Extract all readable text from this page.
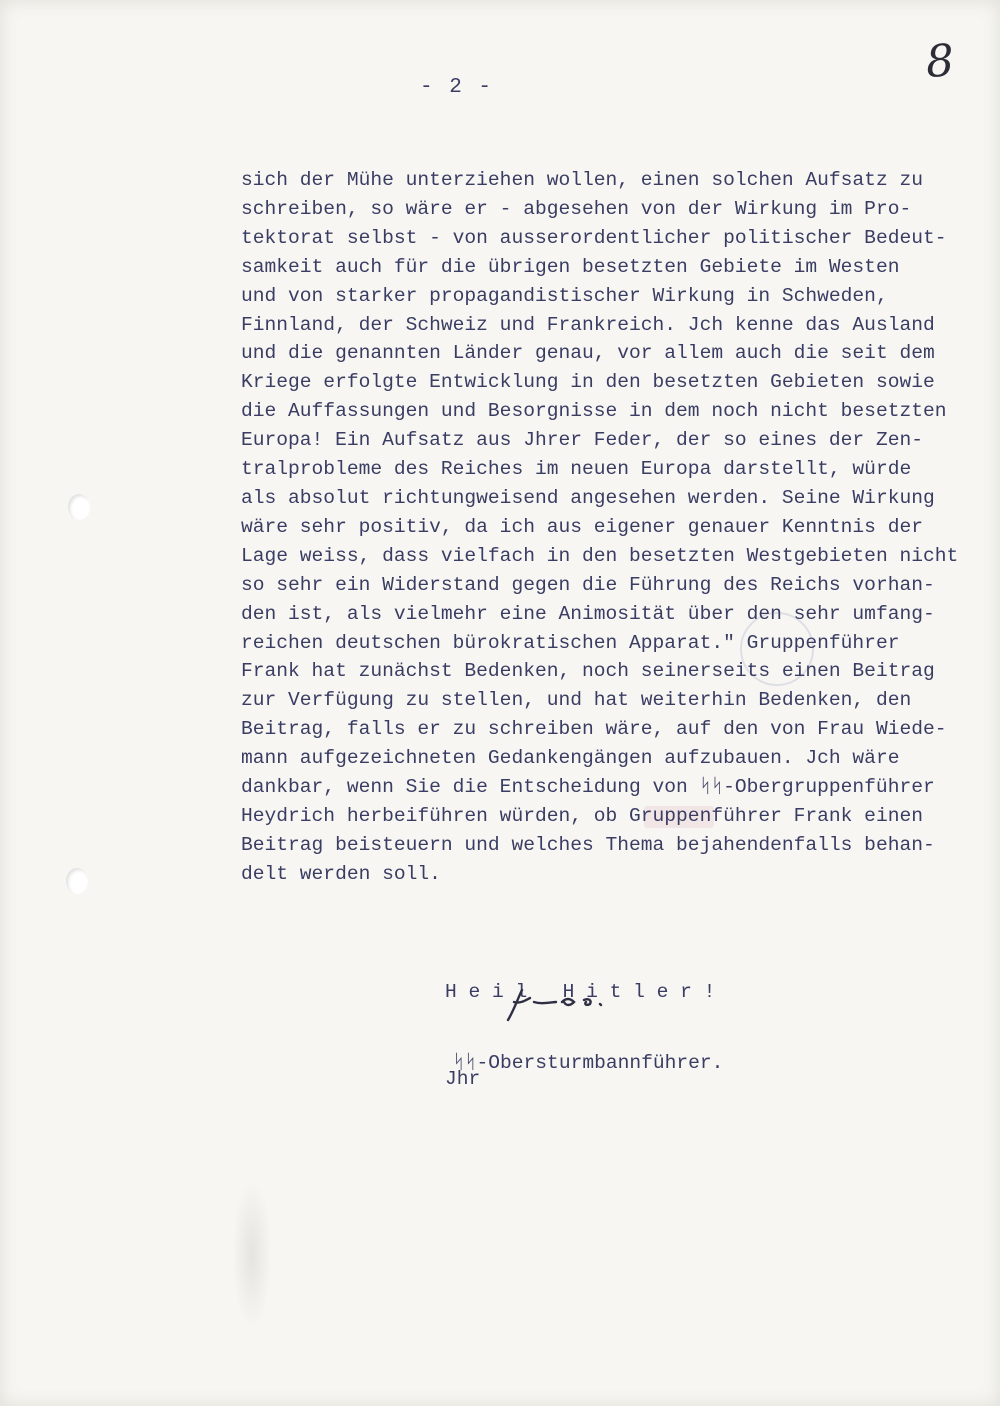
- 2 -	8
sich der Mühe unterziehen wollen, einen solchen Aufsatz zu
schreiben, so wäre er - abgesehen von der Wirkung im Pro-
tektorat selbst - von ausserordentlicher politischer Bedeut-
samkeit auch für die übrigen besetzten Gebiete im Westen
und von starker propagandistischer Wirkung in Schweden,
Finnland, der Schweiz und Frankreich. Jch kenne das Ausland
und die genannten Länder genau, vor allem auch die seit dem
Kriege erfolgte Entwicklung in den besetzten Gebieten sowie
die Auffassungen und Besorgnisse in dem noch nicht besetzten
Europa! Ein Aufsatz aus Jhrer Feder, der so eines der Zen-
tralprobleme des Reiches im neuen Europa darstellt, würde
als absolut richtungweisend angesehen werden. Seine Wirkung
wäre sehr positiv, da ich aus eigener genauer Kenntnis der
Lage weiss, dass vielfach in den besetzten Westgebieten nicht
so sehr ein Widerstand gegen die Führung des Reichs vorhan-
den ist, als vielmehr eine Animosität über den sehr umfang-
reichen deutschen bürokratischen Apparat." Gruppenführer
Frank hat zunächst Bedenken, noch seinerseits einen Beitrag
zur Verfügung zu stellen, und hat weiterhin Bedenken, den
Beitrag, falls er zu schreiben wäre, auf den von Frau Wiede-
mann aufgezeichneten Gedankengängen aufzubauen. Jch wäre
dankbar, wenn Sie die Entscheidung von ᛋᛋ-Obergruppenführer
Heydrich herbeiführen würden, ob Gruppenführer Frank einen
Beitrag beisteuern und welches Thema bejahendenfalls behan-
delt werden soll.

H e i l   H i t l e r !

Jhr

ᛋᛋ-Obersturmbannführer.
